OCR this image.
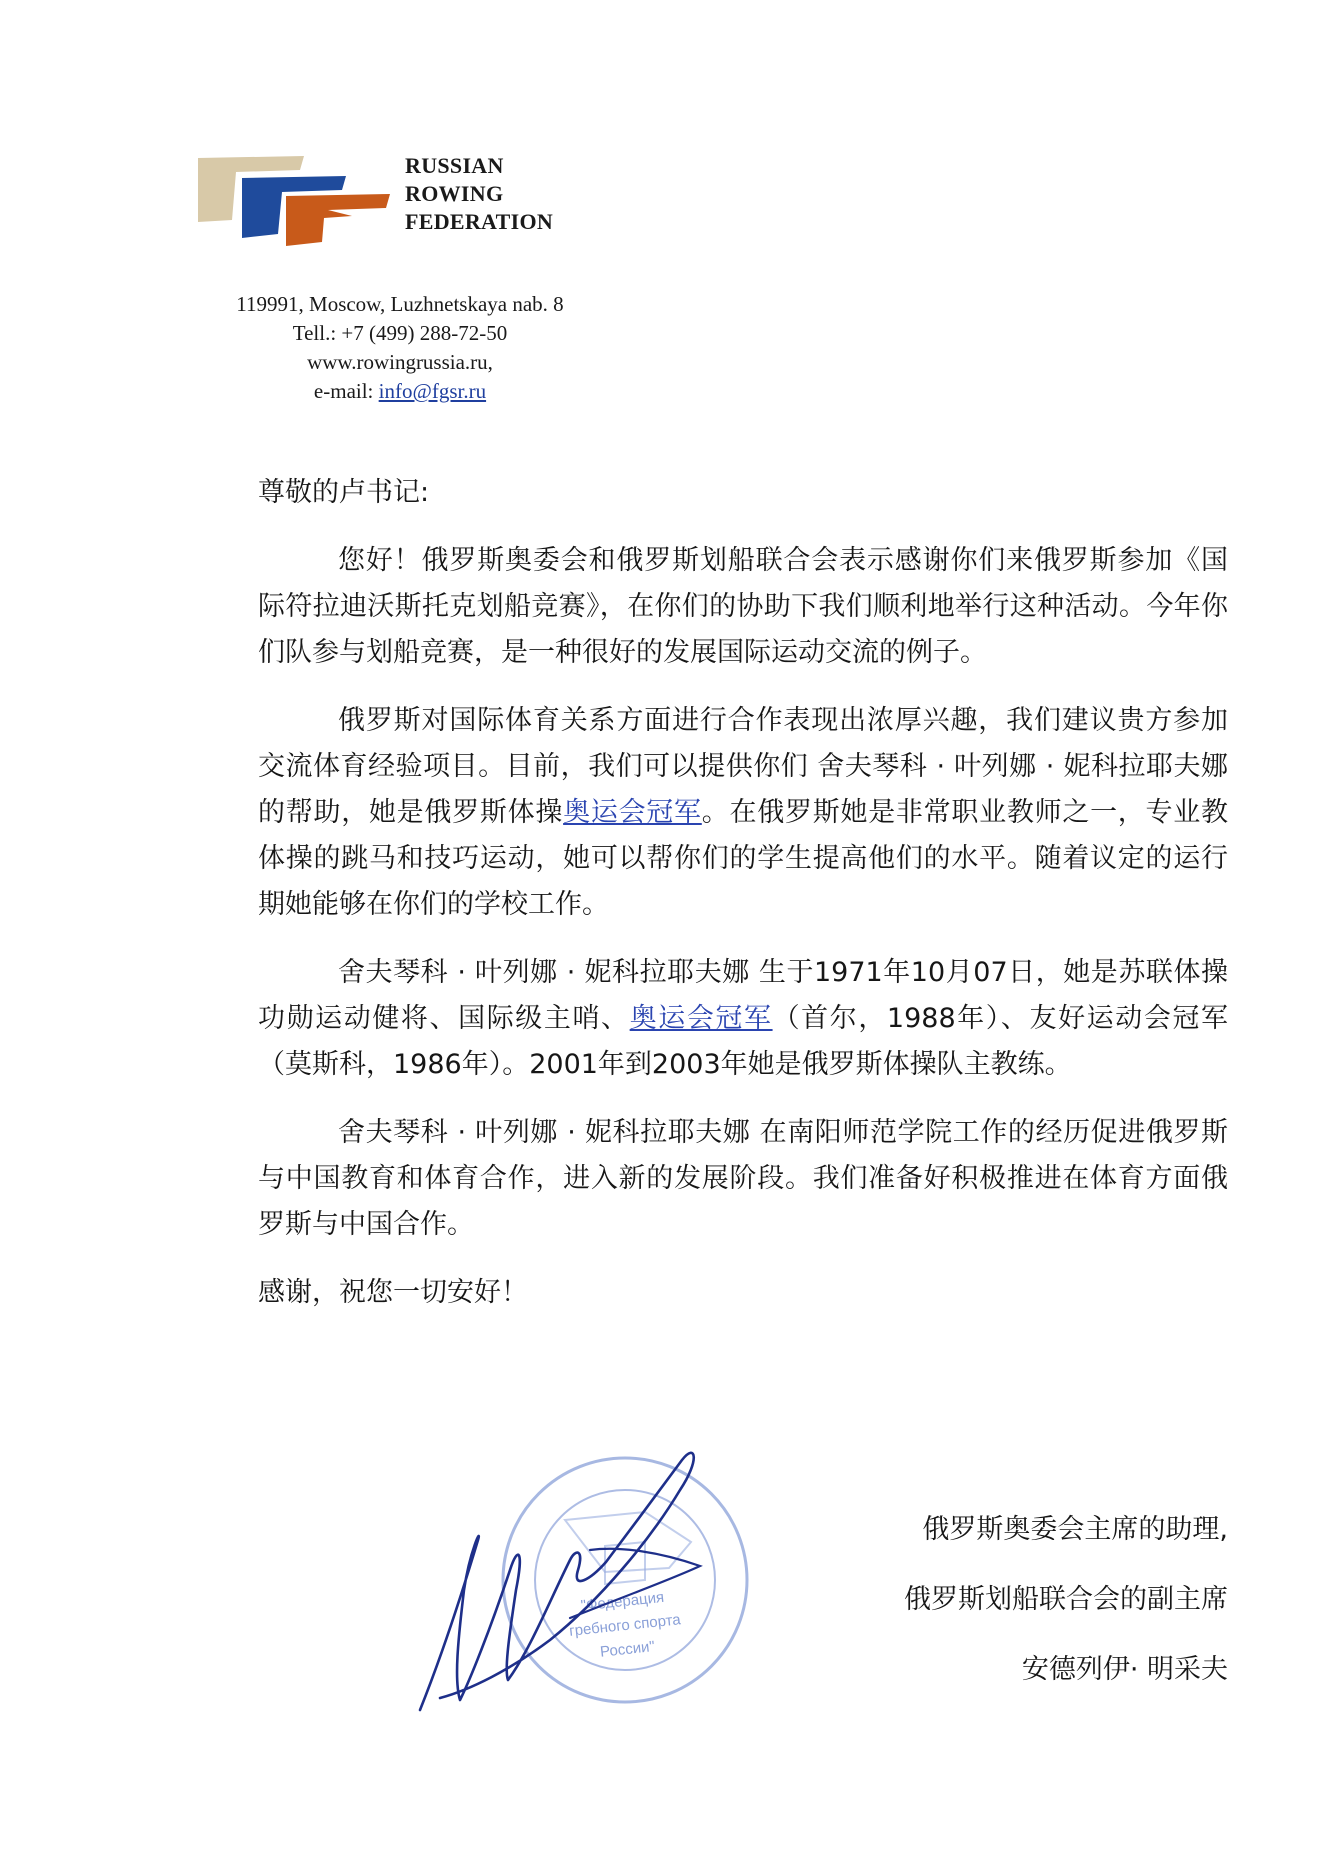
RUSSIAN
ROWING
FEDERATION
119991, Moscow, Luzhnetskaya nab. 8
Tell.: +7 (499) 288-72-50
www.rowingrussia.ru,
e-mail: info@fgsr.ru

尊敬的卢书记:

您好！俄罗斯奥委会和俄罗斯划船联合会表示感谢你们来俄罗斯参加《国际符拉迪沃斯托克划船竞赛》，在你们的协助下我们顺利地举行这种活动。今年你们队参与划船竞赛，是一种很好的发展国际运动交流的例子。

俄罗斯对国际体育关系方面进行合作表现出浓厚兴趣，我们建议贵方参加交流体育经验项目。目前，我们可以提供你们 舍夫琴科 · 叶列娜 · 妮科拉耶夫娜的帮助，她是俄罗斯体操奥运会冠军。在俄罗斯她是非常职业教师之一，专业教体操的跳马和技巧运动，她可以帮你们的学生提高他们的水平。随着议定的运行期她能够在你们的学校工作。

舍夫琴科 · 叶列娜 · 妮科拉耶夫娜 生于1971年10月07日，她是苏联体操功勋运动健将、国际级主哨、奥运会冠军（首尔，1988年）、友好运动会冠军（莫斯科，1986年）。2001年到2003年她是俄罗斯体操队主教练。

舍夫琴科 · 叶列娜 · 妮科拉耶夫娜 在南阳师范学院工作的经历促进俄罗斯与中国教育和体育合作，进入新的发展阶段。我们准备好积极推进在体育方面俄罗斯与中国合作。

感谢，祝您一切安好！

"Федерация
гребного спорта
России"
俄罗斯奥委会主席的助理,
俄罗斯划船联合会的副主席
安德列伊· 明采夫
